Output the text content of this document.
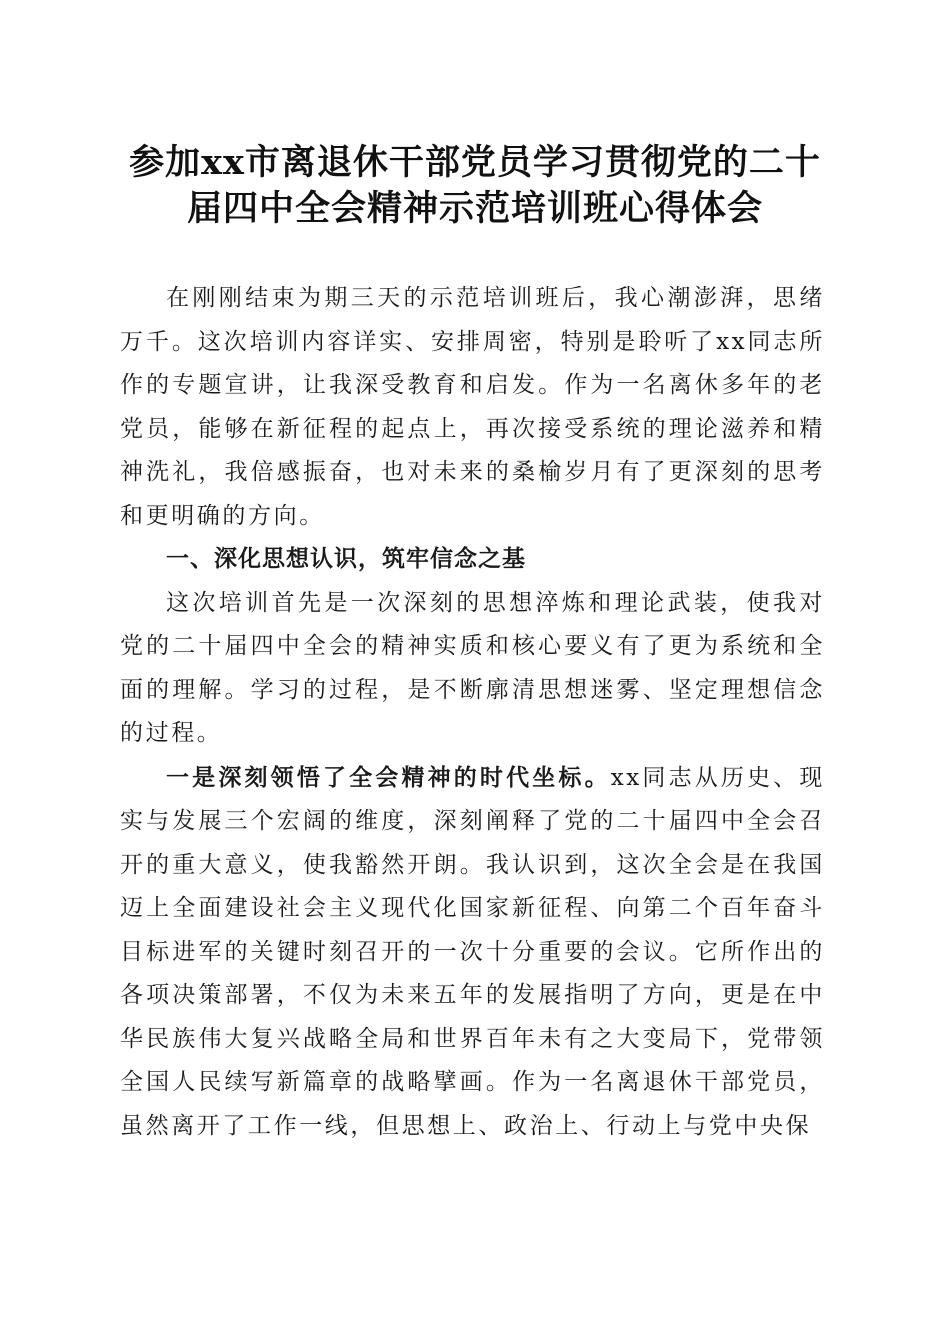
参加xx市离退休干部党员学习贯彻党的二十
届四中全会精神示范培训班心得体会

在刚刚结束为期三天的示范培训班后，我心潮澎湃，思绪万千。这次培训内容详实、安排周密，特别是聆听了xx同志所作的专题宣讲，让我深受教育和启发。作为一名离休多年的老党员，能够在新征程的起点上，再次接受系统的理论滋养和精神洗礼，我倍感振奋，也对未来的桑榆岁月有了更深刻的思考和更明确的方向。

一、深化思想认识，筑牢信念之基

这次培训首先是一次深刻的思想淬炼和理论武装，使我对党的二十届四中全会的精神实质和核心要义有了更为系统和全面的理解。学习的过程，是不断廓清思想迷雾、坚定理想信念的过程。

一是深刻领悟了全会精神的时代坐标。xx同志从历史、现实与发展三个宏阔的维度，深刻阐释了党的二十届四中全会召开的重大意义，使我豁然开朗。我认识到，这次全会是在我国迈上全面建设社会主义现代化国家新征程、向第二个百年奋斗目标进军的关键时刻召开的一次十分重要的会议。它所作出的各项决策部署，不仅为未来五年的发展指明了方向，更是在中华民族伟大复兴战略全局和世界百年未有之大变局下，党带领全国人民续写新篇章的战略擘画。作为一名离退休干部党员，虽然离开了工作一线，但思想上、政治上、行动上与党中央保
